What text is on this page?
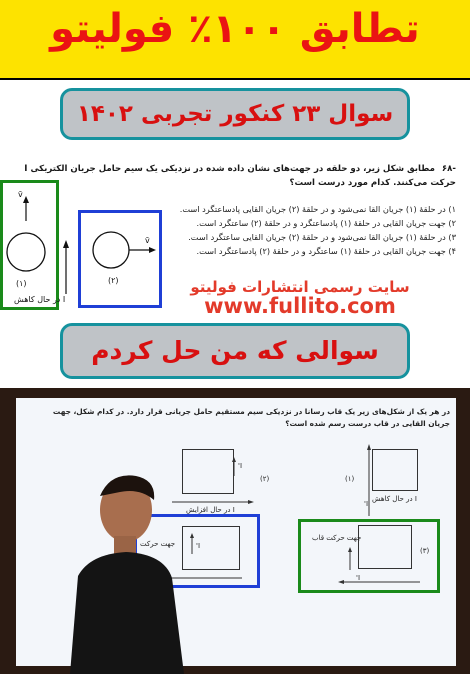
تطابق ۱۰۰٪ فولیتو
سوال ۲۳ کنکور تجربی ۱۴۰۲
-۶۸ مطابق شکل زیر، دو حلقه در جهت‌های نشان داده شده در نزدیکی یک سیم حامل جریان الکتریکی I حرکت می‌کنند. کدام مورد درست است؟
۱) در حلقهٔ (۱) جریان القا نمی‌شود و در حلقهٔ (۲) جریان القایی پادساعتگرد است.
۲) جهت جریان القایی در حلقهٔ (۱) پادساعتگرد و در حلقهٔ (۲) ساعتگرد است.
۳) در حلقهٔ (۱) جریان القا نمی‌شود و در حلقهٔ (۲) جریان القایی ساعتگرد است.
۴) جهت جریان القایی در حلقهٔ (۱) ساعتگرد و در حلقهٔ (۲) پادساعتگرد است.
v̄
(۱)
I در حال کاهش
v̄
(۲)	سایت رسمی انتشارات فولیتو
www.fullito.com
سوالی که من حل کردم
در هر یک از شکل‌های زیر یک قاب رسانا در نزدیکی سیم مستقیم حامل جریانی قرار دارد. در کدام شکل، جهت جریان القایی در قاب درست رسم شده است؟
I'
(۲)
I در حال افزایش
(۱)
I در حال کاهش
I'
جهت حرکت	I'
جهت حرکت قاب
(۳)
I'
